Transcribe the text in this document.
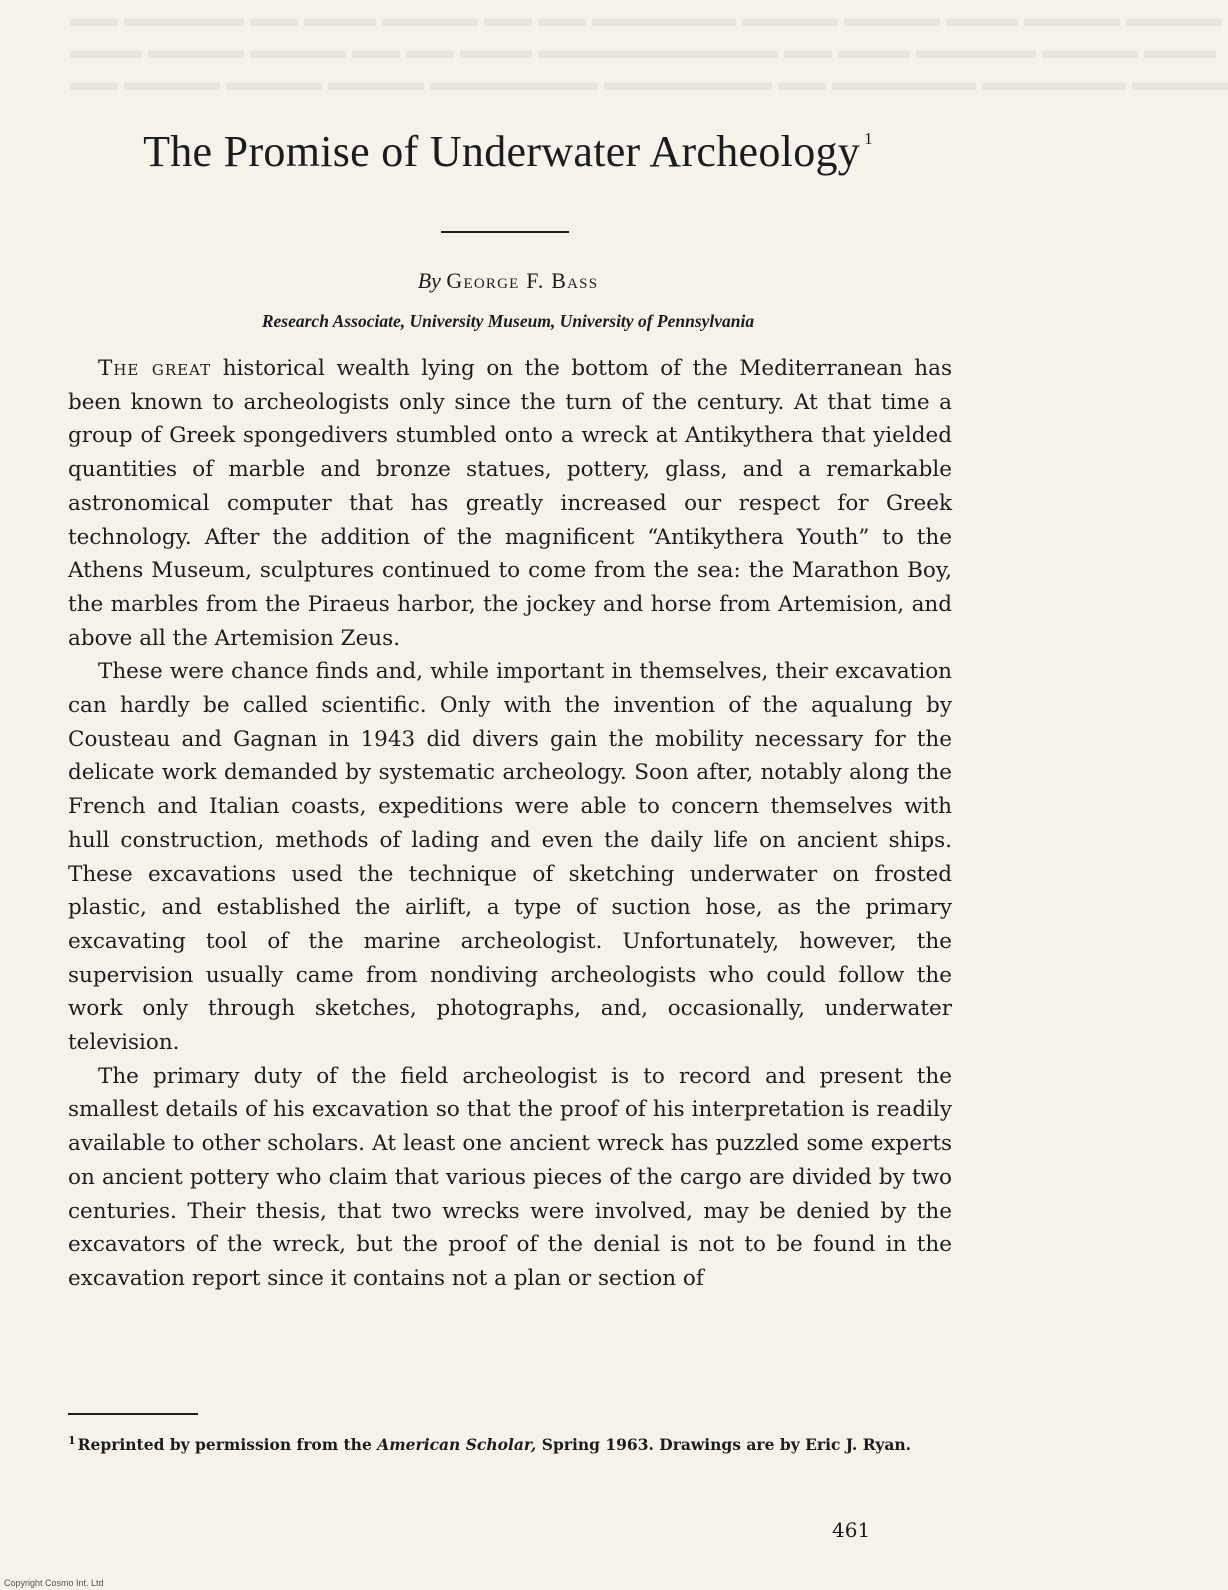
▬▬ ▬▬▬▬▬ ▬▬ ▬▬▬ ▬▬▬▬ ▬▬ ▬▬ ▬▬▬▬▬▬ ▬▬▬▬ ▬▬▬▬ ▬▬▬ ▬▬▬▬ ▬▬▬▬
▬▬▬ ▬▬▬▬ ▬▬▬▬ ▬▬ ▬▬ ▬▬▬ ▬▬▬▬▬▬▬▬▬▬ ▬▬ ▬▬▬ ▬▬▬▬▬ ▬▬▬▬ ▬▬▬
▬▬ ▬▬▬▬ ▬▬▬▬ ▬▬▬▬ ▬▬▬▬▬▬▬ ▬▬▬▬▬▬▬ ▬▬ ▬▬▬▬▬▬ ▬▬▬▬▬▬ ▬▬▬▬
The Promise of Underwater Archeology $^1$
By George F. Bass
Research Associate, University Museum, University of Pennsylvania

The great historical wealth lying on the bottom of the Mediterranean has been known to archeologists only since the turn of the century. At that time a group of Greek spongedivers stumbled onto a wreck at Antikythera that yielded quantities of marble and bronze statues, pottery, glass, and a remarkable astronomical computer that has greatly increased our respect for Greek technology. After the addition of the magnificent “Antikythera Youth” to the Athens Museum, sculptures continued to come from the sea: the Marathon Boy, the marbles from the Piraeus harbor, the jockey and horse from Artemision, and above all the Artemision Zeus.

These were chance finds and, while important in themselves, their excavation can hardly be called scientific. Only with the invention of the aqualung by Cousteau and Gagnan in 1943 did divers gain the mobility necessary for the delicate work demanded by systematic archeology. Soon after, notably along the French and Italian coasts, expeditions were able to concern themselves with hull construction, methods of lading and even the daily life on ancient ships. These excavations used the technique of sketching underwater on frosted plastic, and established the airlift, a type of suction hose, as the primary excavating tool of the marine archeologist. Unfortunately, however, the supervision usually came from nondiving archeologists who could follow the work only through sketches, photographs, and, occasionally, underwater television.

The primary duty of the field archeologist is to record and present the smallest details of his excavation so that the proof of his interpretation is readily available to other scholars. At least one ancient wreck has puzzled some experts on ancient pottery who claim that various pieces of the cargo are divided by two centuries. Their thesis, that two wrecks were involved, may be denied by the excavators of the wreck, but the proof of the denial is not to be found in the excavation report since it contains not a plan or section of

$^1$ Reprinted by permission from the American Scholar, Spring 1963. Drawings are by Eric J. Ryan.
461
Copyright Cosmo Int. Ltd
